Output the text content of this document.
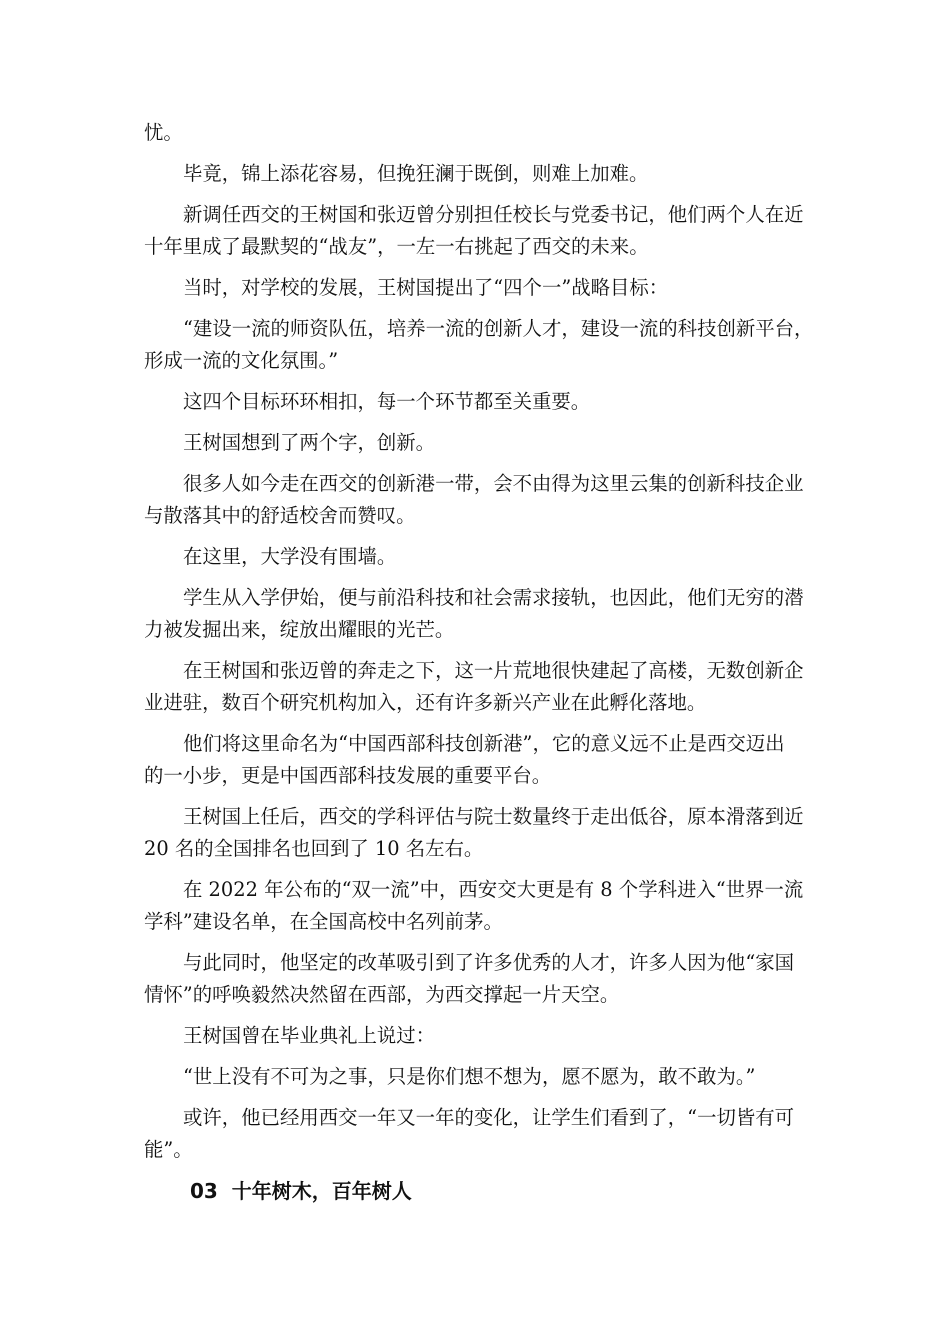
忧。
毕竟，锦上添花容易，但挽狂澜于既倒，则难上加难。
新调任西交的王树国和张迈曾分别担任校长与党委书记，他们两个人在近
十年里成了最默契的“战友”，一左一右挑起了西交的未来。
当时，对学校的发展，王树国提出了“四个一”战略目标：
“建设一流的师资队伍，培养一流的创新人才，建设一流的科技创新平台，
形成一流的文化氛围。”
这四个目标环环相扣，每一个环节都至关重要。
王树国想到了两个字，创新。
很多人如今走在西交的创新港一带，会不由得为这里云集的创新科技企业
与散落其中的舒适校舍而赞叹。
在这里，大学没有围墙。
学生从入学伊始，便与前沿科技和社会需求接轨，也因此，他们无穷的潜
力被发掘出来，绽放出耀眼的光芒。
在王树国和张迈曾的奔走之下，这一片荒地很快建起了高楼，无数创新企
业进驻，数百个研究机构加入，还有许多新兴产业在此孵化落地。
他们将这里命名为“中国西部科技创新港”，它的意义远不止是西交迈出
的一小步，更是中国西部科技发展的重要平台。
王树国上任后，西交的学科评估与院士数量终于走出低谷，原本滑落到近
20 名的全国排名也回到了 10 名左右。
在 2022 年公布的“双一流”中，西安交大更是有 8 个学科进入“世界一流
学科”建设名单，在全国高校中名列前茅。
与此同时，他坚定的改革吸引到了许多优秀的人才，许多人因为他“家国
情怀”的呼唤毅然决然留在西部，为西交撑起一片天空。
王树国曾在毕业典礼上说过：
“世上没有不可为之事，只是你们想不想为，愿不愿为，敢不敢为。”
或许，他已经用西交一年又一年的变化，让学生们看到了，“一切皆有可
能”。
03  十年树木，百年树人
